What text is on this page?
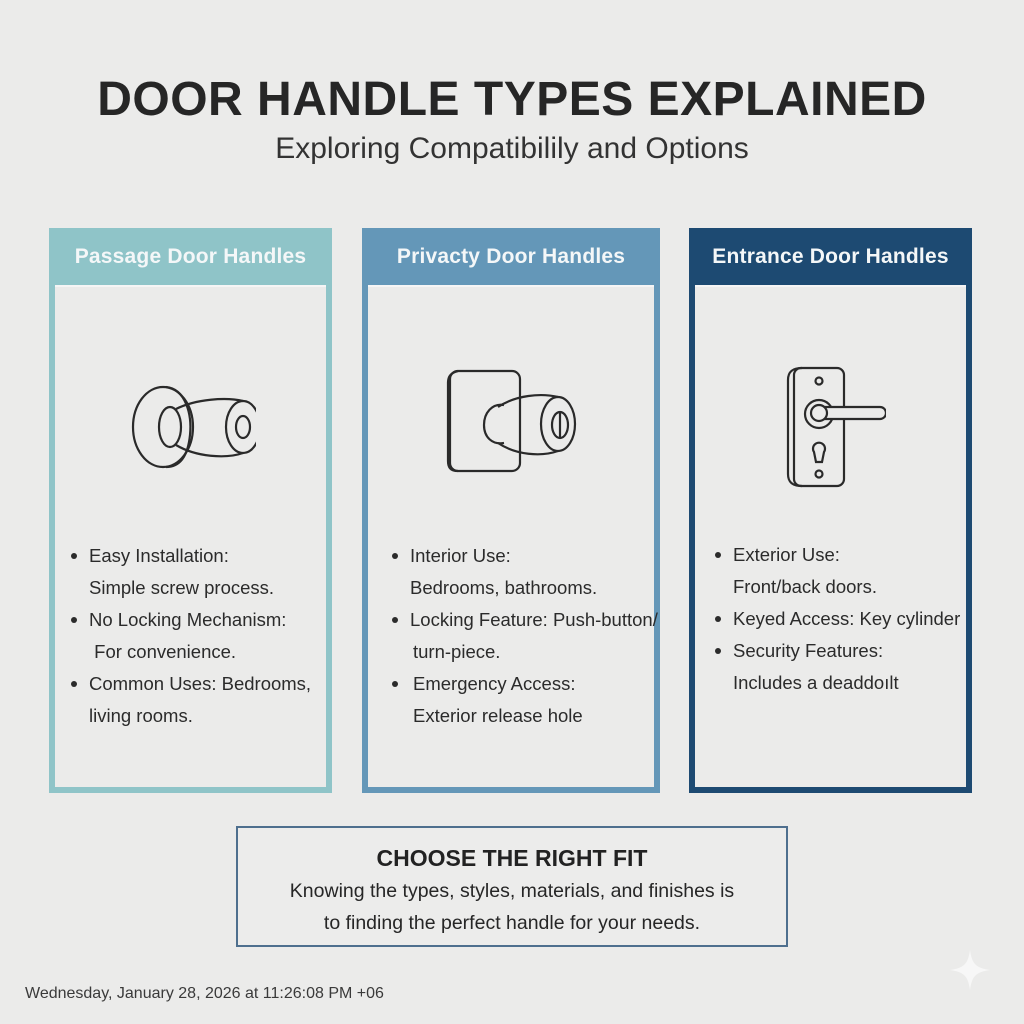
DOOR HANDLE TYPES EXPLAINED
Exploring Compatibilily and Options
Passage Door Handles
Easy Installation:
Simple screw process.
No Locking Mechanism:
For convenience.
Common Uses: Bedrooms,
living rooms.
Privacty Door Handles
Interior Use:
Bedrooms, bathrooms.
Locking Feature: Push-button/
turn-piece.
Emergency Access:
Exterior release hole
Entrance Door Handles
Exterior Use:
Front/back doors.
Keyed Access: Key cylinder
Security Features:
Includes a deaddoılt
CHOOSE THE RIGHT FIT
Knowing the types, styles, materials, and finishes is
to finding the perfect handle for your needs.
Wednesday, January 28, 2026 at 11:26:08 PM +06
